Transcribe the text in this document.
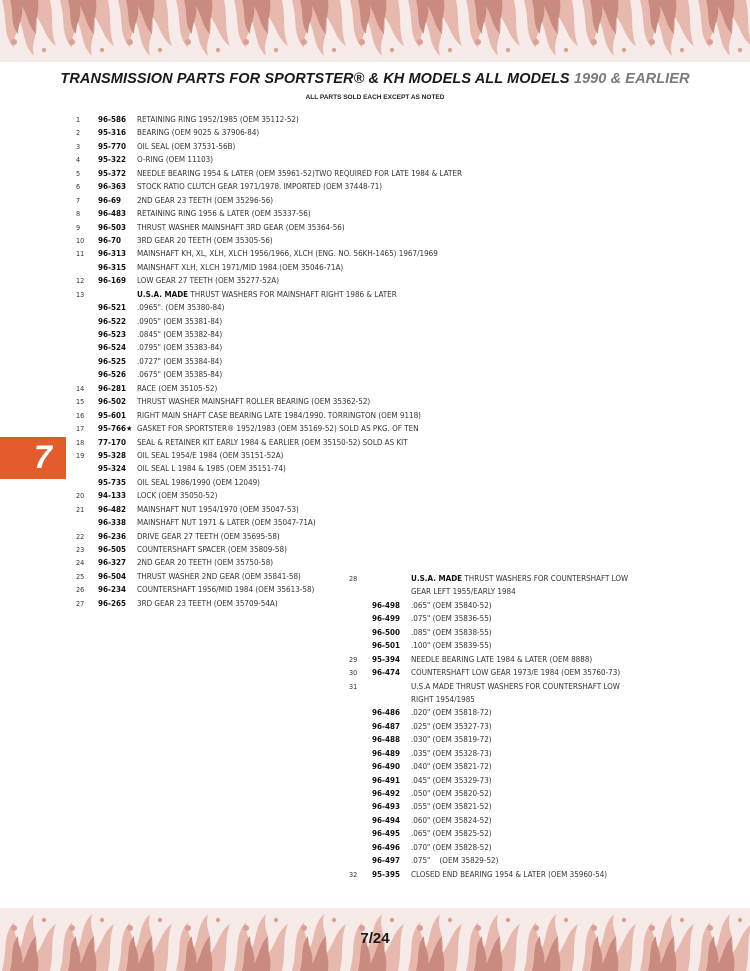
TRANSMISSION PARTS FOR SPORTSTER® & KH MODELS ALL MODELS 1990 & EARLIER
ALL PARTS SOLD EACH EXCEPT AS NOTED
7
1 96-586 RETAINING RING 1952/1985 (OEM 35112-52)
2 95-316 BEARING (OEM 9025 & 37906-84)
3 95-770 OIL SEAL (OEM 37531-56B)
4 95-322 O-RING (OEM 11103)
5 95-372 NEEDLE BEARING 1954 & LATER (OEM 35961-52)TWO REQUIRED FOR LATE 1984 & LATER
6 96-363 STOCK RATIO CLUTCH GEAR 1971/1978. IMPORTED (OEM 37448-71)
7 96-69 2ND GEAR 23 TEETH (OEM 35296-56)
8 96-483 RETAINING RING 1956 & LATER (OEM 35337-56)
9 96-503 THRUST WASHER MAINSHAFT 3RD GEAR (OEM 35364-56)
10 96-70 3RD GEAR 20 TEETH (OEM 35305-56)
11 96-313 MAINSHAFT KH, XL, XLH, XLCH 1956/1966, XLCH (ENG. NO. 56KH-1465) 1967/1969
96-315 MAINSHAFT XLH, XLCH 1971/MID 1984 (OEM 35046-71A)
12 96-169 LOW GEAR 27 TEETH (OEM 35277-52A)
13	U.S.A. MADE THRUST WASHERS FOR MAINSHAFT RIGHT 1986 & LATER
96-521 .0965". (OEM 35380-84)
96-522 .0905" (OEM 35381-84)
96-523 .0845" (OEM 35382-84)
96-524 .0795" (OEM 35383-84)
96-525 .0727" (OEM 35384-84)
96-526 .0675" (OEM 35385-84)
14 96-281 RACE (OEM 35105-52)
15 96-502 THRUST WASHER MAINSHAFT ROLLER BEARING (OEM 35362-52)
16 95-601 RIGHT MAIN SHAFT CASE BEARING LATE 1984/1990. TORRINGTON (OEM 9118)
17 95-766★ GASKET FOR SPORTSTER® 1952/1983 (OEM 35169-52) SOLD AS PKG. OF TEN
18 77-170 SEAL & RETAINER KIT EARLY 1984 & EARLIER (OEM 35150-52) SOLD AS KIT
19 95-328 OIL SEAL 1954/E 1984 (OEM 35151-52A)
95-324 OIL SEAL L 1984 & 1985 (OEM 35151-74)
95-735 OIL SEAL 1986/1990 (OEM 12049)
20 94-133 LOCK (OEM 35050-52)
21 96-482 MAINSHAFT NUT 1954/1970 (OEM 35047-53)
96-338 MAINSHAFT NUT 1971 & LATER (OEM 35047-71A)
22 96-236 DRIVE GEAR 27 TEETH (OEM 35695-58)
23 96-505 COUNTERSHAFT SPACER (OEM 35809-58)
24 96-327 2ND GEAR 20 TEETH (OEM 35750-58)
25 96-504 THRUST WASHER 2ND GEAR (OEM 35841-58)
26 96-234 COUNTERSHAFT 1956/MID 1984 (OEM 35613-58)
27 96-265 3RD GEAR 23 TEETH (OEM 35709-54A)
28	U.S.A. MADE THRUST WASHERS FOR COUNTERSHAFT LOW
GEAR LEFT 1955/EARLY 1984
96-498 .065" (OEM 35840-52)
96-499 .075" (OEM 35836-55)
96-500 .085" (OEM 35838-55)
96-501 .100" (OEM 35839-55)
29 95-394 NEEDLE BEARING LATE 1984 & LATER (OEM 8888)
30 96-474 COUNTERSHAFT LOW GEAR 1973/E 1984 (OEM 35760-73)
31	U.S.A MADE THRUST WASHERS FOR COUNTERSHAFT LOW
RIGHT 1954/1985
96-486 .020" (OEM 35818-72)
96-487 .025" (OEM 35327-73)
96-488 .030" (OEM 35819-72)
96-489 .035" (OEM 35328-73)
96-490 .040" (OEM 35821-72)
96-491 .045" (OEM 35329-73)
96-492 .050" (OEM 35820-52)
96-493 .055" (OEM 35821-52)
96-494 .060" (OEM 35824-52)
96-495 .065" (OEM 35825-52)
96-496 .070" (OEM 35828-52)
96-497 .075"    (OEM 35829-52)
32 95-395 CLOSED END BEARING 1954 & LATER (OEM 35960-54)
7/24
